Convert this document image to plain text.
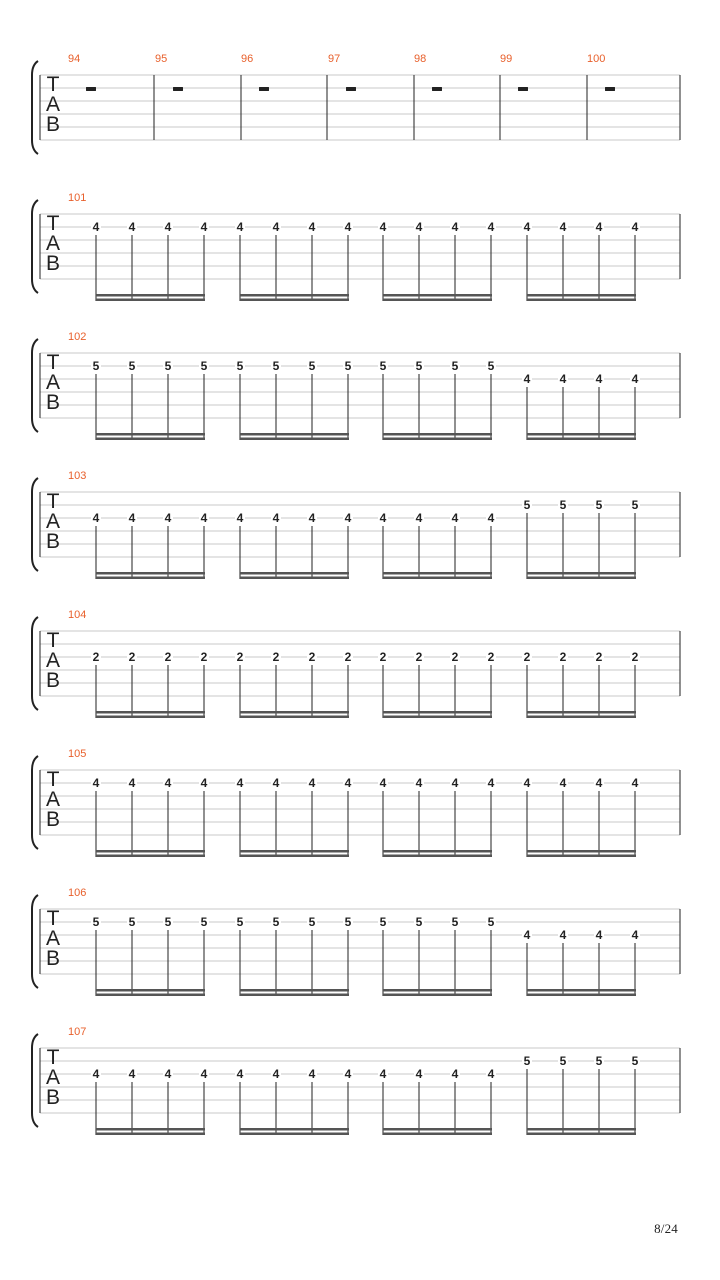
T
A
B
94	95	96	97	98	99	100
T
A
B
101
4 4 4 4 4 4 4 4 4 4 4 4 4 4 4 4
T
A
B
102
5 5 5 5 5 5 5 5 5 5 5 5
4 4 4 4
T
A
B
103
4 4 4 4 4 4 4 4 4 4 4 4
5 5 5 5
T
A
B
104
2 2 2 2 2 2 2 2 2 2 2 2 2 2 2 2
T
A
B
105
4 4 4 4 4 4 4 4 4 4 4 4 4 4 4 4
T
A
B
106
5 5 5 5 5 5 5 5 5 5 5 5
4 4 4 4
T
A
B
107
4 4 4 4 4 4 4 4 4 4 4 4
5 5 5 5
8/24
